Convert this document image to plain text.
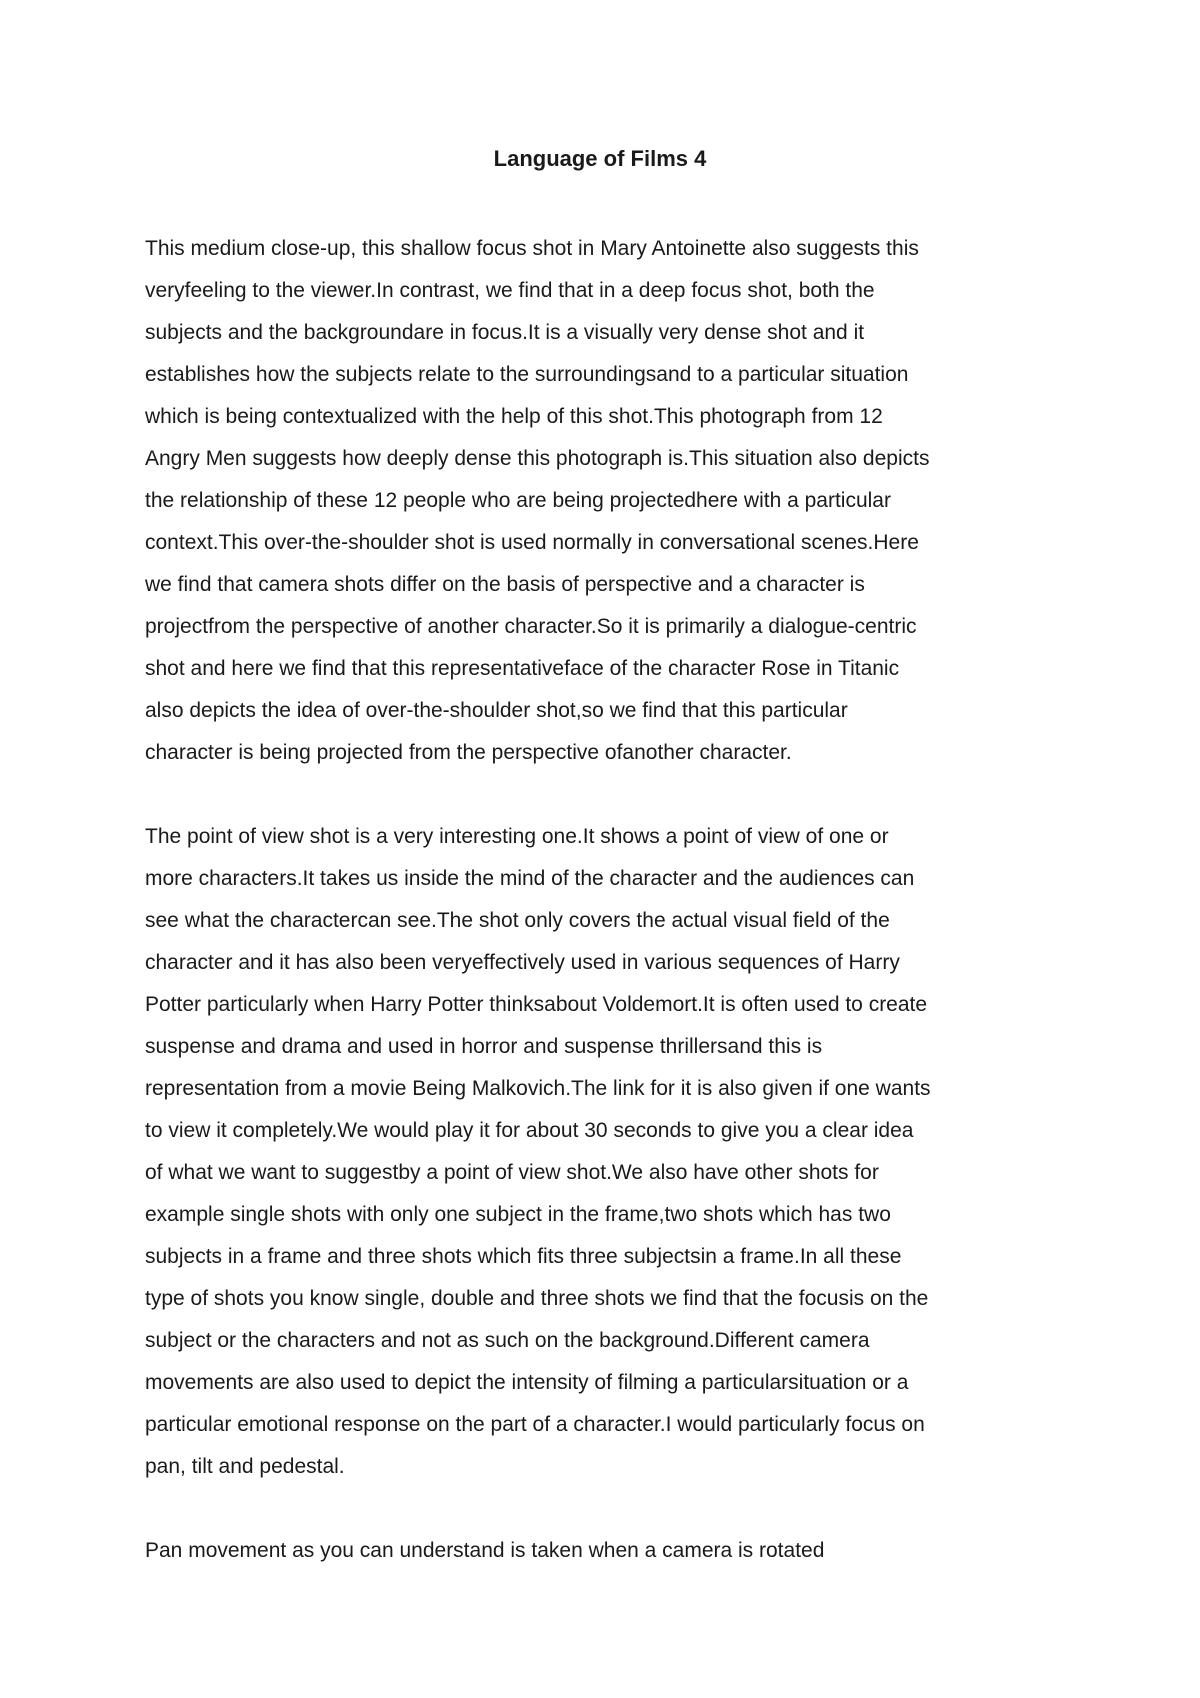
Language of Films 4

This medium close-up, this shallow focus shot in Mary Antoinette also suggests this
veryfeeling to the viewer.In contrast, we find that in a deep focus shot, both the
subjects and the backgroundare in focus.It is a visually very dense shot and it
establishes how the subjects relate to the surroundingsand to a particular situation
which is being contextualized with the help of this shot.This photograph from 12
Angry Men suggests how deeply dense this photograph is.This situation also depicts
the relationship of these 12 people who are being projectedhere with a particular
context.This over-the-shoulder shot is used normally in conversational scenes.Here
we find that camera shots differ on the basis of perspective and a character is
projectfrom the perspective of another character.So it is primarily a dialogue-centric
shot and here we find that this representativeface of the character Rose in Titanic
also depicts the idea of over-the-shoulder shot,so we find that this particular
character is being projected from the perspective ofanother character.

The point of view shot is a very interesting one.It shows a point of view of one or
more characters.It takes us inside the mind of the character and the audiences can
see what the charactercan see.The shot only covers the actual visual field of the
character and it has also been veryeffectively used in various sequences of Harry
Potter particularly when Harry Potter thinksabout Voldemort.It is often used to create
suspense and drama and used in horror and suspense thrillersand this is
representation from a movie Being Malkovich.The link for it is also given if one wants
to view it completely.We would play it for about 30 seconds to give you a clear idea
of what we want to suggestby a point of view shot.We also have other shots for
example single shots with only one subject in the frame,two shots which has two
subjects in a frame and three shots which fits three subjectsin a frame.In all these
type of shots you know single, double and three shots we find that the focusis on the
subject or the characters and not as such on the background.Different camera
movements are also used to depict the intensity of filming a particularsituation or a
particular emotional response on the part of a character.I would particularly focus on
pan, tilt and pedestal.

Pan movement as you can understand is taken when a camera is rotated
